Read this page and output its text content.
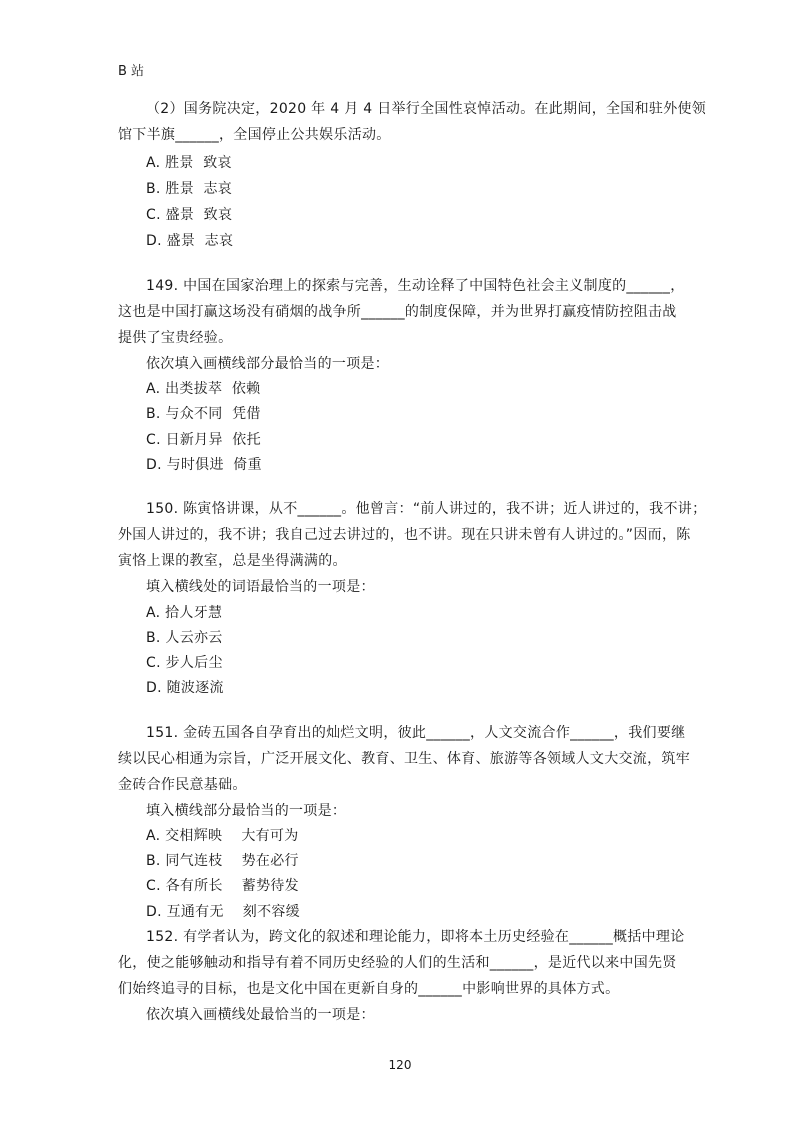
B 站
（2）国务院决定，2020 年 4 月 4 日举行全国性哀悼活动。在此期间，全国和驻外使领
馆下半旗______，全国停止公共娱乐活动。
A. 胜景  致哀
B. 胜景  志哀
C. 盛景  致哀
D. 盛景  志哀
149. 中国在国家治理上的探索与完善，生动诠释了中国特色社会主义制度的______，
这也是中国打赢这场没有硝烟的战争所______的制度保障，并为世界打赢疫情防控阻击战
提供了宝贵经验。
依次填入画横线部分最恰当的一项是：
A. 出类拔萃  依赖
B. 与众不同  凭借
C. 日新月异  依托
D. 与时俱进  倚重
150. 陈寅恪讲课，从不______。他曾言：“前人讲过的，我不讲；近人讲过的，我不讲；
外国人讲过的，我不讲；我自己过去讲过的，也不讲。现在只讲未曾有人讲过的。”因而，陈
寅恪上课的教室，总是坐得满满的。
填入横线处的词语最恰当的一项是：
A. 拾人牙慧
B. 人云亦云
C. 步人后尘
D. 随波逐流
151. 金砖五国各自孕育出的灿烂文明，彼此______，人文交流合作______，我们要继
续以民心相通为宗旨，广泛开展文化、教育、卫生、体育、旅游等各领域人文大交流，筑牢
金砖合作民意基础。
填入横线部分最恰当的一项是：
A. 交相辉映    大有可为
B. 同气连枝    势在必行
C. 各有所长    蓄势待发
D. 互通有无    刻不容缓
152. 有学者认为，跨文化的叙述和理论能力，即将本土历史经验在______概括中理论
化，使之能够触动和指导有着不同历史经验的人们的生活和______，是近代以来中国先贤
们始终追寻的目标，也是文化中国在更新自身的______中影响世界的具体方式。
依次填入画横线处最恰当的一项是：
120
